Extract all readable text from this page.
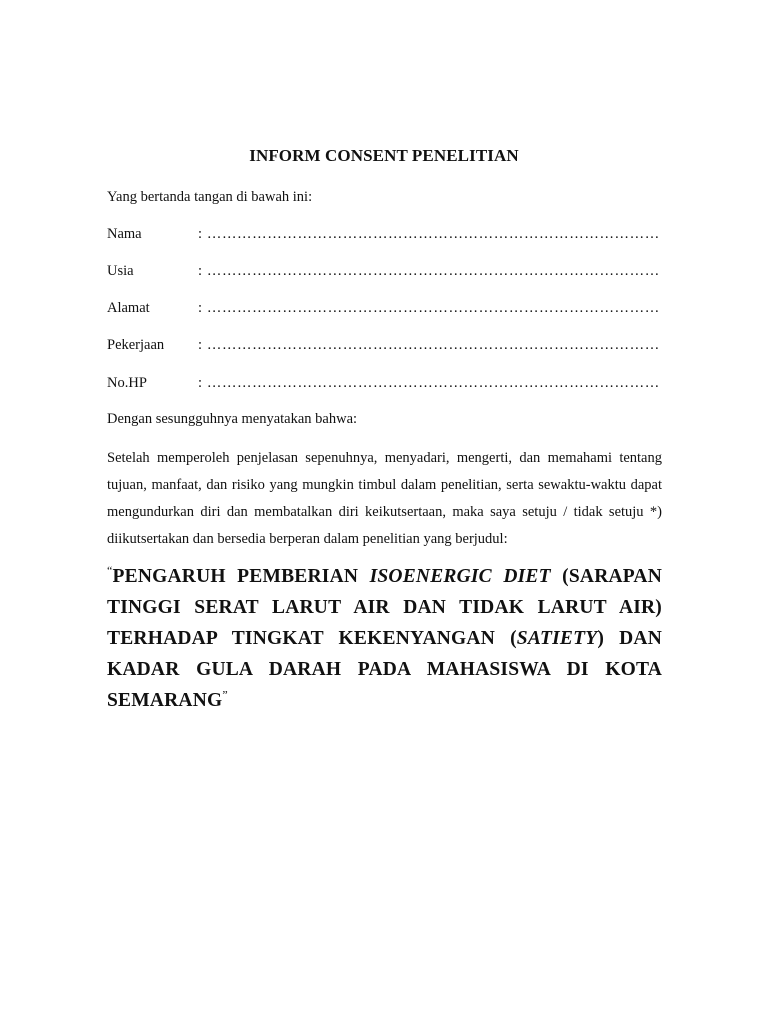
INFORM CONSENT PENELITIAN
Yang bertanda tangan di bawah ini:
Nama	: ………………………………………………………………………………
Usia	: ………………………………………………………………………………
Alamat	: ………………………………………………………………………………
Pekerjaan : ………………………………………………………………………………
No.HP	: ………………………………………………………………………………
Dengan sesungguhnya menyatakan bahwa:
Setelah memperoleh penjelasan sepenuhnya, menyadari, mengerti, dan memahami tentang tujuan, manfaat, dan risiko yang mungkin timbul dalam penelitian, serta sewaktu-waktu dapat mengundurkan diri dan membatalkan diri keikutsertaan, maka saya setuju / tidak setuju *) diikutsertakan dan bersedia berperan dalam penelitian yang berjudul:
“PENGARUH PEMBERIAN ISOENERGIC DIET (SARAPAN TINGGI SERAT LARUT AIR DAN TIDAK LARUT AIR) TERHADAP TINGKAT KEKENYANGAN (SATIETY) DAN KADAR GULA DARAH PADA MAHASISWA DI KOTA SEMARANG”
